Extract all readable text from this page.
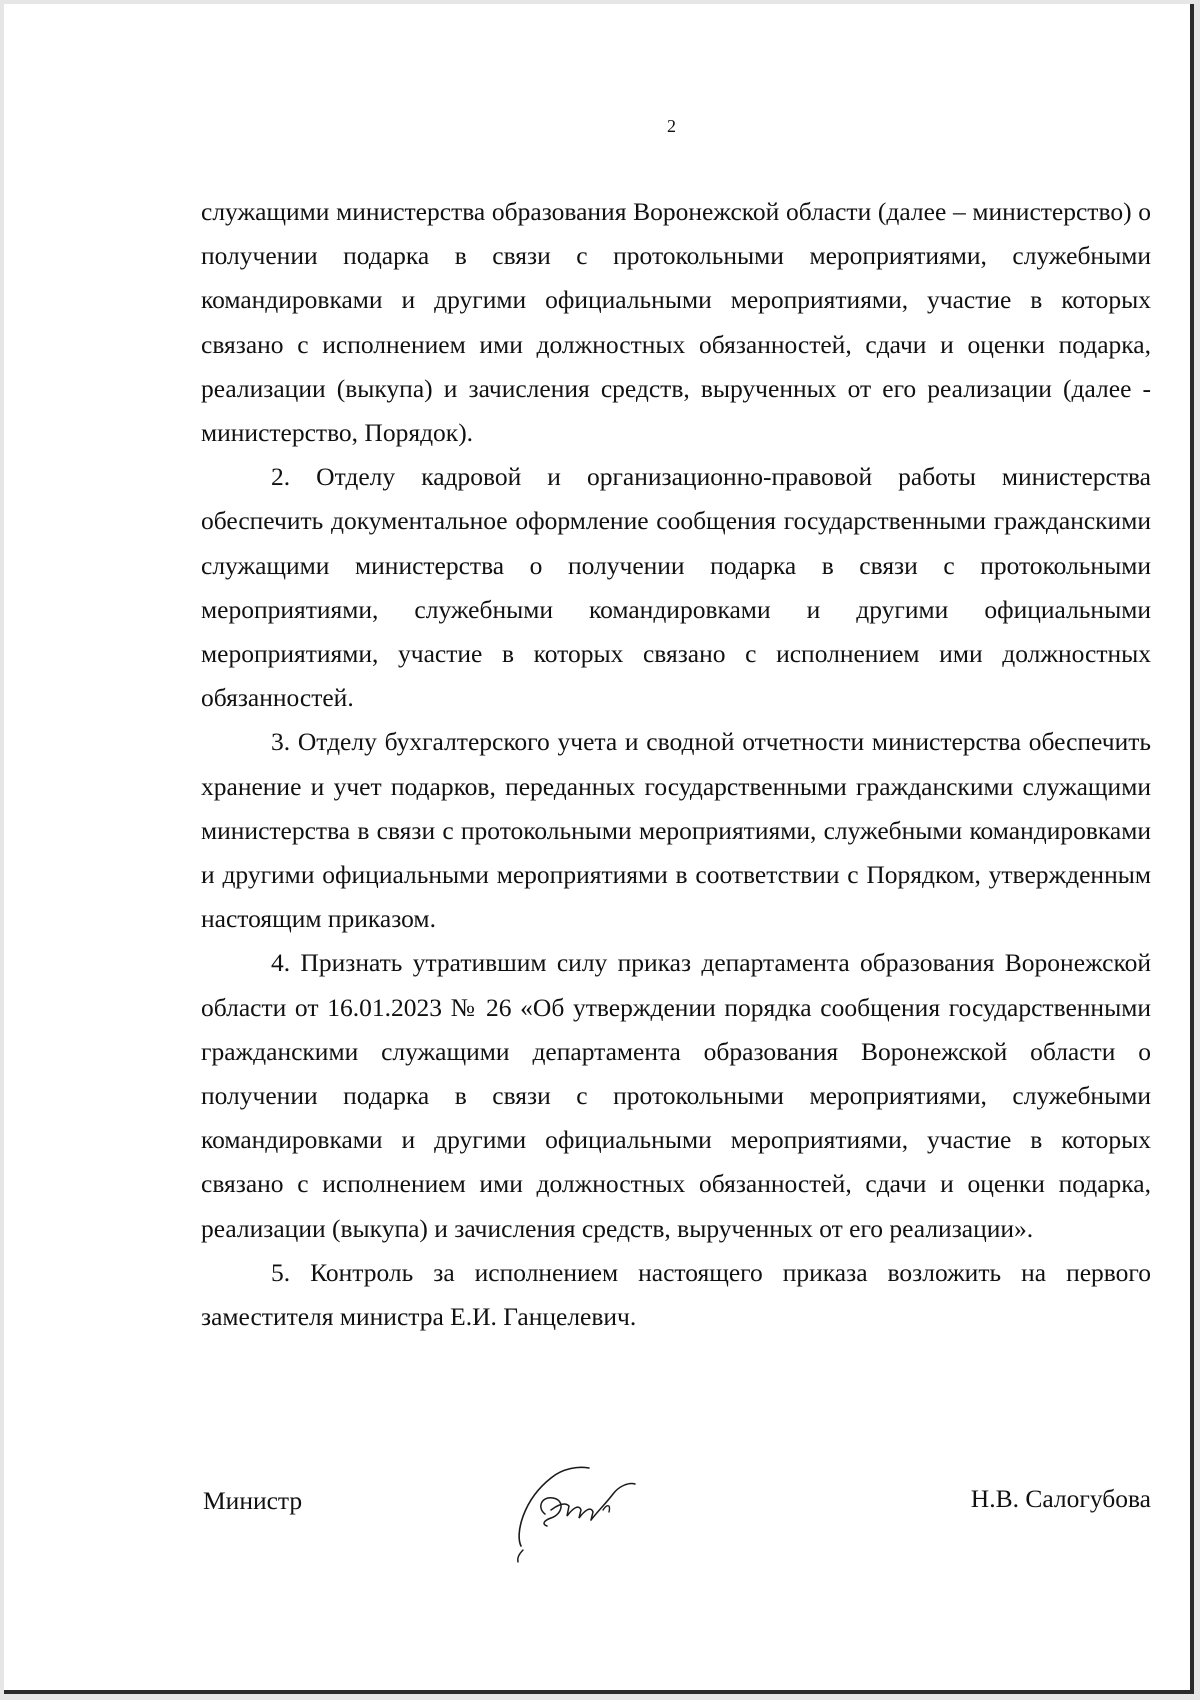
2

служащими министерства образования Воронежской области (далее – министерство) о получении подарка в связи с протокольными мероприятиями, служебными командировками и другими официальными мероприятиями, участие в которых связано с исполнением ими должностных обязанностей, сдачи и оценки подарка, реализации (выкупа) и зачисления средств, вырученных от его реализации (далее - министерство, Порядок).

2. Отделу кадровой и организационно-правовой работы министерства обеспечить документальное оформление сообщения государственными гражданскими служащими министерства о получении подарка в связи с протокольными мероприятиями, служебными командировками и другими официальными мероприятиями, участие в которых связано с исполнением ими должностных обязанностей.

3. Отделу бухгалтерского учета и сводной отчетности министерства обеспечить хранение и учет подарков, переданных государственными гражданскими служащими министерства в связи с протокольными мероприятиями, служебными командировками и другими официальными мероприятиями в соответствии с Порядком, утвержденным настоящим приказом.

4. Признать утратившим силу приказ департамента образования Воронежской области от 16.01.2023 № 26 «Об утверждении порядка сообщения государственными гражданскими служащими департамента образования Воронежской области о получении подарка в связи с протокольными мероприятиями, служебными командировками и другими официальными мероприятиями, участие в которых связано с исполнением ими должностных обязанностей, сдачи и оценки подарка, реализации (выкупа) и зачисления средств, вырученных от его реализации».

5. Контроль за исполнением настоящего приказа возложить на первого заместителя министра Е.И. Ганцелевич.

Министр	Н.В. Салогубова
